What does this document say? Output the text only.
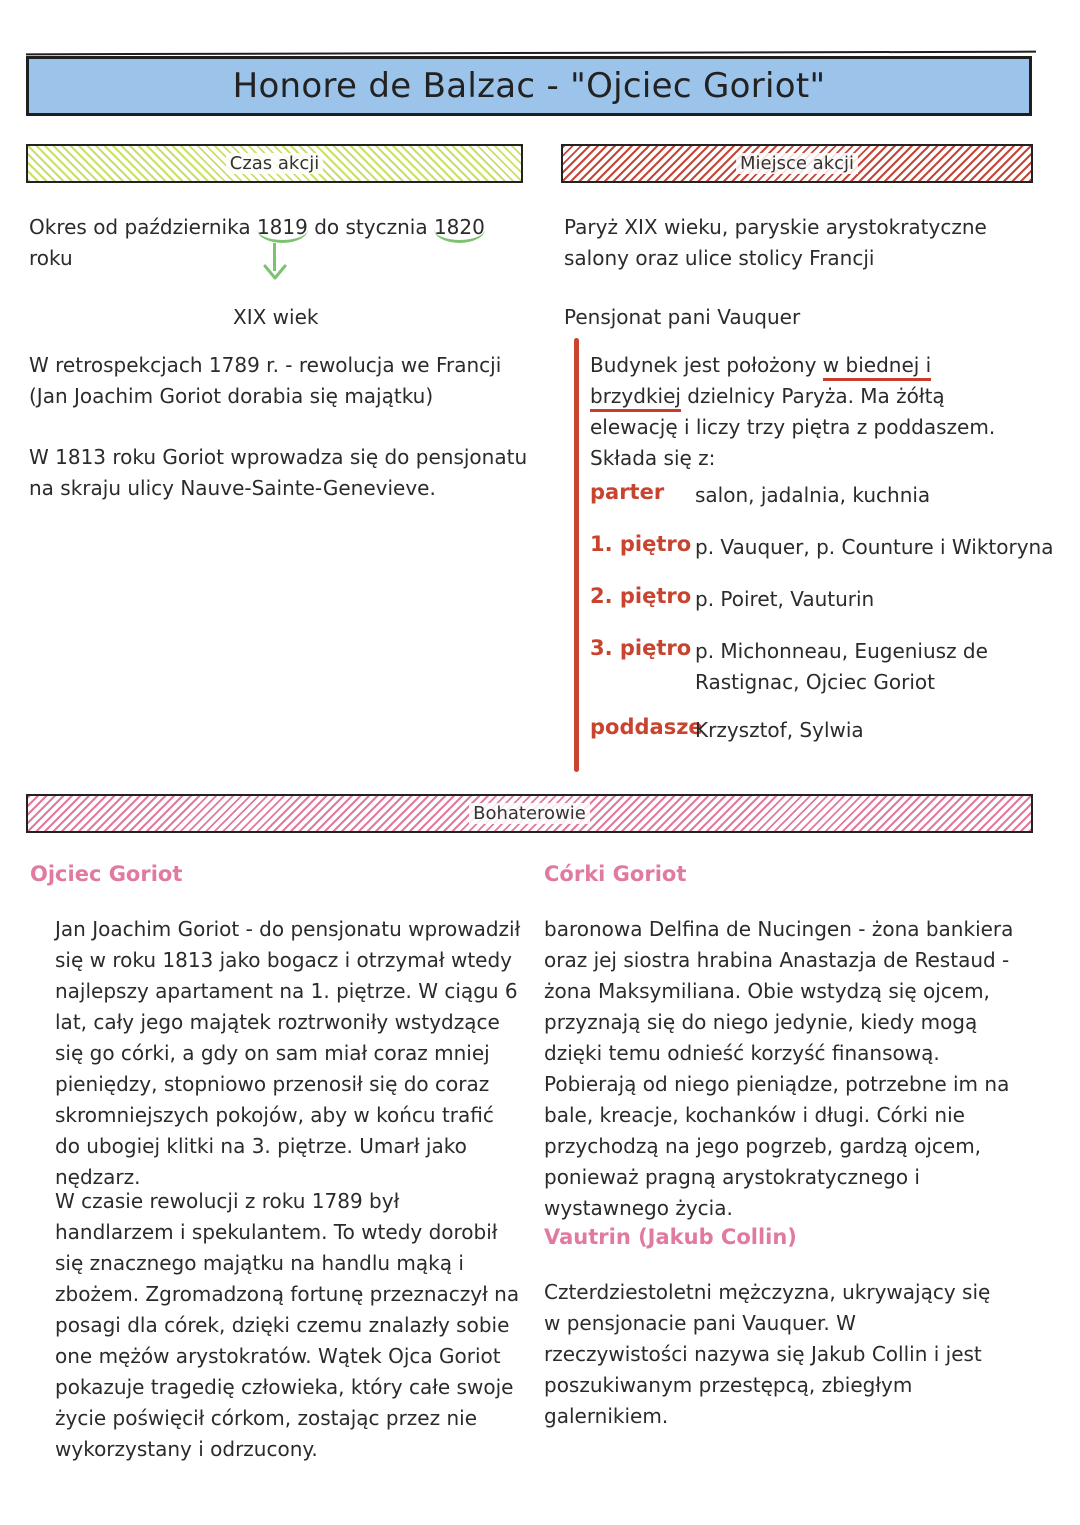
Honore de Balzac - "Ojciec Goriot"
Czas akcji	Miejsce akcji
Okres od października 1819 do stycznia 1820 roku
XIX wiek
W retrospekcjach 1789 r. - rewolucja we Francji (Jan Joachim Goriot dorabia się majątku)
W 1813 roku Goriot wprowadza się do pensjonatu na skraju ulicy Nauve-Sainte-Genevieve.
Paryż XIX wieku, paryskie arystokratyczne salony oraz ulice stolicy Francji
Pensjonat pani Vauquer
Budynek jest położony w biednej i brzydkiej dzielnicy Paryża. Ma żółtą elewację i liczy trzy piętra z poddaszem. Składa się z:
parter salon, jadalnia, kuchnia
1. piętro p. Vauquer, p. Counture i Wiktoryna
2. piętro p. Poiret, Vauturin
3. piętro p. Michonneau, Eugeniusz de Rastignac, Ojciec Goriot
poddasze
Krzysztof, Sylwia
Bohaterowie
Ojciec Goriot
Jan Joachim Goriot - do pensjonatu wprowadził się w roku 1813 jako bogacz i otrzymał wtedy najlepszy apartament na 1. piętrze. W ciągu 6 lat, cały jego majątek roztrwoniły wstydzące się go córki, a gdy on sam miał coraz mniej pieniędzy, stopniowo przenosił się do coraz skromniejszych pokojów, aby w końcu trafić do ubogiej klitki na 3. piętrze. Umarł jako nędzarz.
W czasie rewolucji z roku 1789 był handlarzem i spekulantem. To wtedy dorobił się znacznego majątku na handlu mąką i zbożem. Zgromadzoną fortunę przeznaczył na posagi dla córek, dzięki czemu znalazły sobie one mężów arystokratów. Wątek Ojca Goriot pokazuje tragedię człowieka, który całe swoje życie poświęcił córkom, zostając przez nie wykorzystany i odrzucony.
Córki Goriot
baronowa Delfina de Nucingen - żona bankiera oraz jej siostra hrabina Anastazja de Restaud - żona Maksymiliana. Obie wstydzą się ojcem, przyznają się do niego jedynie, kiedy mogą dzięki temu odnieść korzyść finansową. Pobierają od niego pieniądze, potrzebne im na bale, kreacje, kochanków i długi. Córki nie przychodzą na jego pogrzeb, gardzą ojcem, ponieważ pragną arystokratycznego i wystawnego życia.
Vautrin (Jakub Collin)
Czterdziestoletni mężczyzna, ukrywający się w pensjonacie pani Vauquer. W rzeczywistości nazywa się Jakub Collin i jest poszukiwanym przestępcą, zbiegłym galernikiem.
